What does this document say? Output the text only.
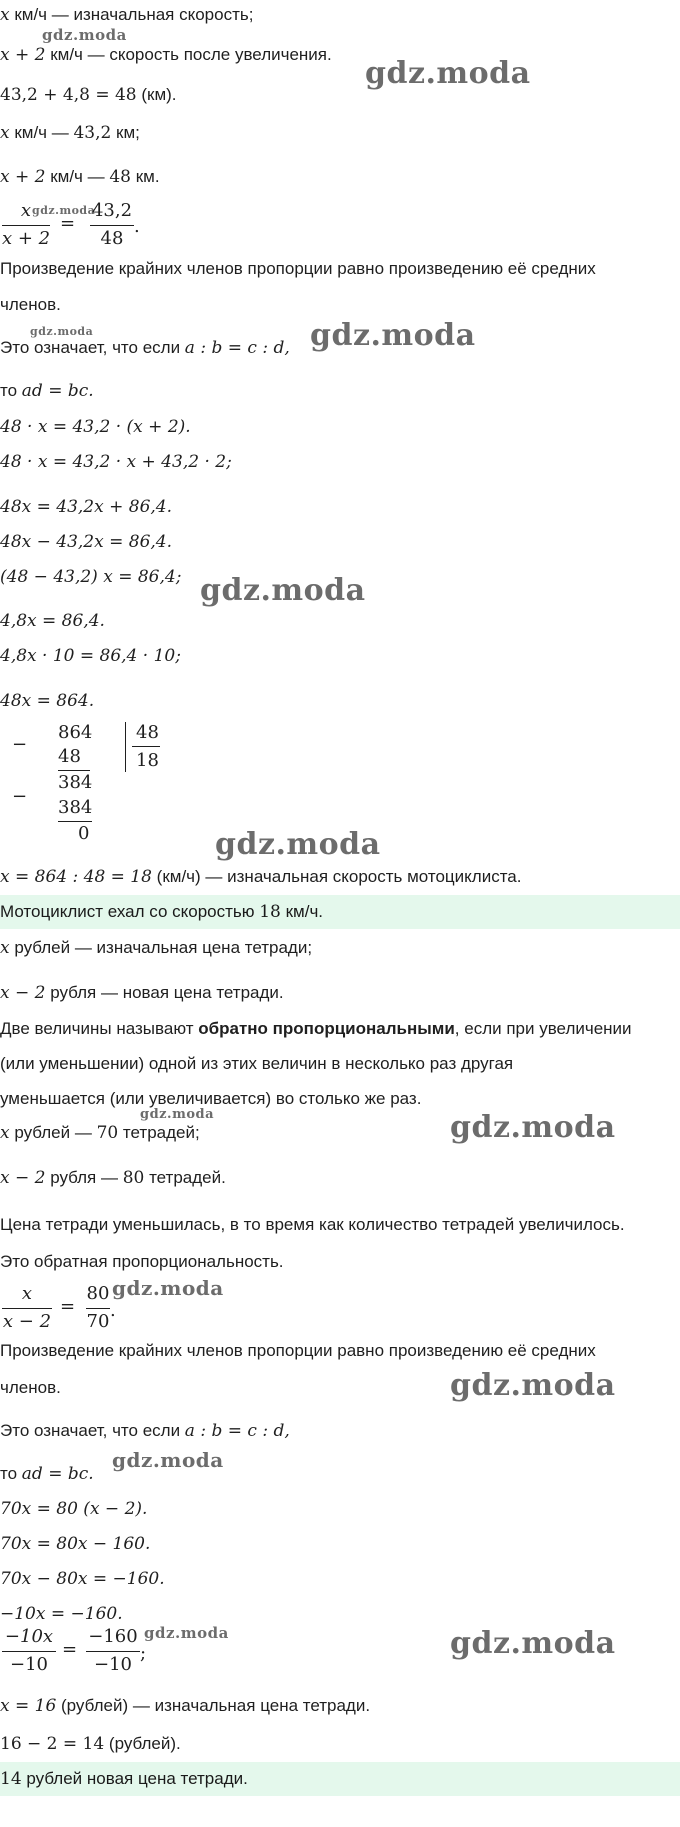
x км/ч — изначальная скорость;
gdz.moda
x + 2 км/ч — скорость после увеличения.
gdz.moda
43,2 + 4,8 = 48 (км).
x км/ч — 43,2 км;
x + 2 км/ч — 48 км.
x
x + 2
gdz.moda
=
43,2
48
.
Произведение крайних членов пропорции равно произведению её средних
членов.
gdz.moda
Это означает, что если a : b = c : d, gdz.moda
то ad = bc.
48 · x = 43,2 · (x + 2).
48 · x = 43,2 · x + 43,2 · 2;
48x = 43,2x + 86,4.
48x − 43,2x = 86,4.
(48 − 43,2) x = 86,4; gdz.moda
4,8x = 86,4.
4,8x · 10 = 86,4 · 10;
48x = 864.
−
864 48
18
48
−
384
384
0	gdz.moda
x = 864 : 48 = 18 (км/ч) — изначальная скорость мотоциклиста.
Мотоциклист ехал со скоростью 18 км/ч.
x рублей — изначальная цена тетради;
x − 2 рубля — новая цена тетради.
Две величины называют обратно пропорциональными, если при увеличении
(или уменьшении) одной из этих величин в несколько раз другая
уменьшается (или увеличивается) во столько же раз.
gdz.moda	gdz.moda
x рублей — 70 тетрадей;
x − 2 рубля — 80 тетрадей.
Цена тетради уменьшилась, в то время как количество тетрадей увеличилось.
Это обратная пропорциональность.
x
x − 2
=
80
70
.
gdz.moda
Произведение крайних членов пропорции равно произведению её средних
членов.	gdz.moda
Это означает, что если a : b = c : d,
то ad = bc.
gdz.moda
70x = 80 (x − 2).
70x = 80x − 160.
70x − 80x = −160.
−10x = −160.
−10x
−10
=
−160
−10
;
gdz.moda	gdz.moda
x = 16 (рублей) — изначальная цена тетради.
16 − 2 = 14 (рублей).
14 рублей новая цена тетради.
